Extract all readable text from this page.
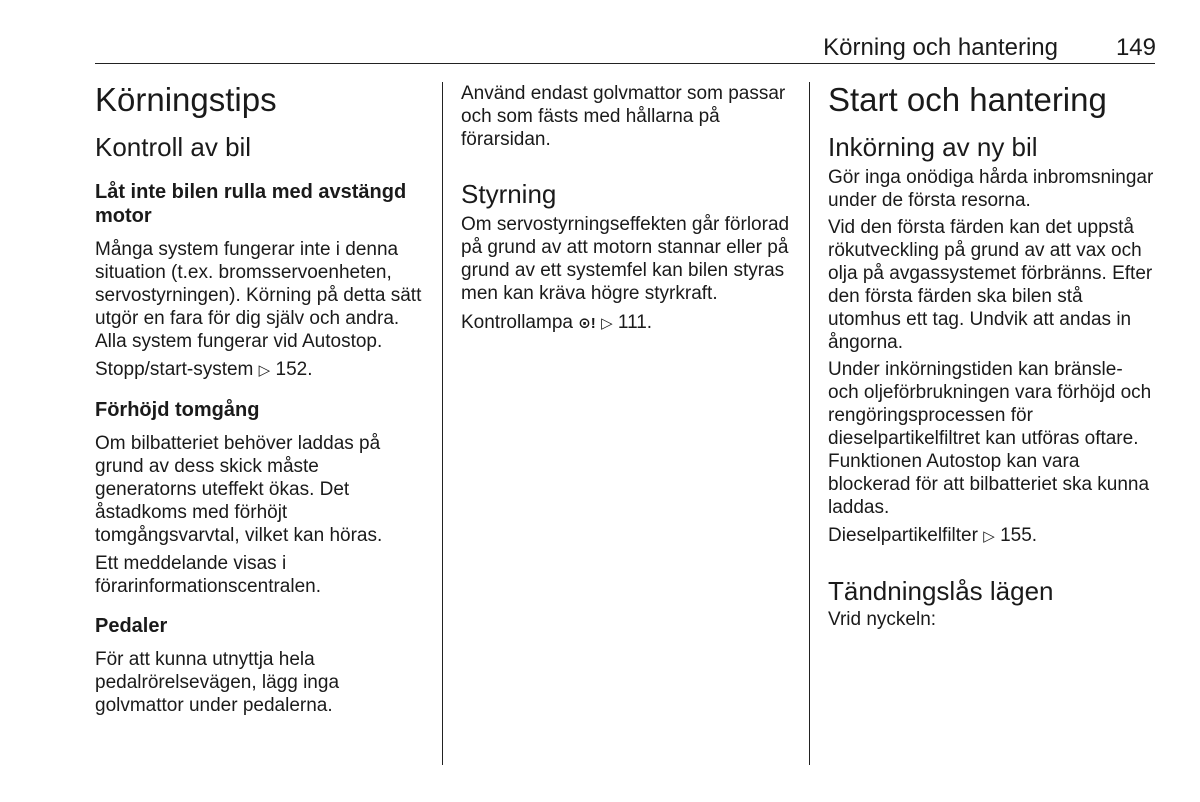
Körning och hantering 149
Körningstips
Kontroll av bil
Låt inte bilen rulla med avstängd motor

Många system fungerar inte i denna situation (t.ex. bromsservoenheten, servostyrningen). Körning på detta sätt utgör en fara för dig själv och andra. Alla system fungerar vid Autostop.

Stopp/start-system ▷ 152.

Förhöjd tomgång

Om bilbatteriet behöver laddas på grund av dess skick måste generatorns uteffekt ökas. Det åstadkoms med förhöjt tomgångsvarvtal, vilket kan höras.

Ett meddelande visas i förarinformationscentralen.

Pedaler

För att kunna utnyttja hela pedalrörelsevägen, lägg inga golvmattor under pedalerna.

Använd endast golvmattor som passar och som fästs med hållarna på förarsidan.

Styrning

Om servostyrningseffekten går förlorad på grund av att motorn stannar eller på grund av ett systemfel kan bilen styras men kan kräva högre styrkraft.

Kontrollampa ⊙! ▷ 111.

Start och hantering
Inkörning av ny bil

Gör inga onödiga hårda inbromsningar under de första resorna.

Vid den första färden kan det uppstå rökutveckling på grund av att vax och olja på avgassystemet förbränns. Efter den första färden ska bilen stå utomhus ett tag. Undvik att andas in ångorna.

Under inkörningstiden kan bränsle- och oljeförbrukningen vara förhöjd och rengöringsprocessen för dieselpartikelfiltret kan utföras oftare. Funktionen Autostop kan vara blockerad för att bilbatteriet ska kunna laddas.

Dieselpartikelfilter ▷ 155.

Tändningslås lägen

Vrid nyckeln:
